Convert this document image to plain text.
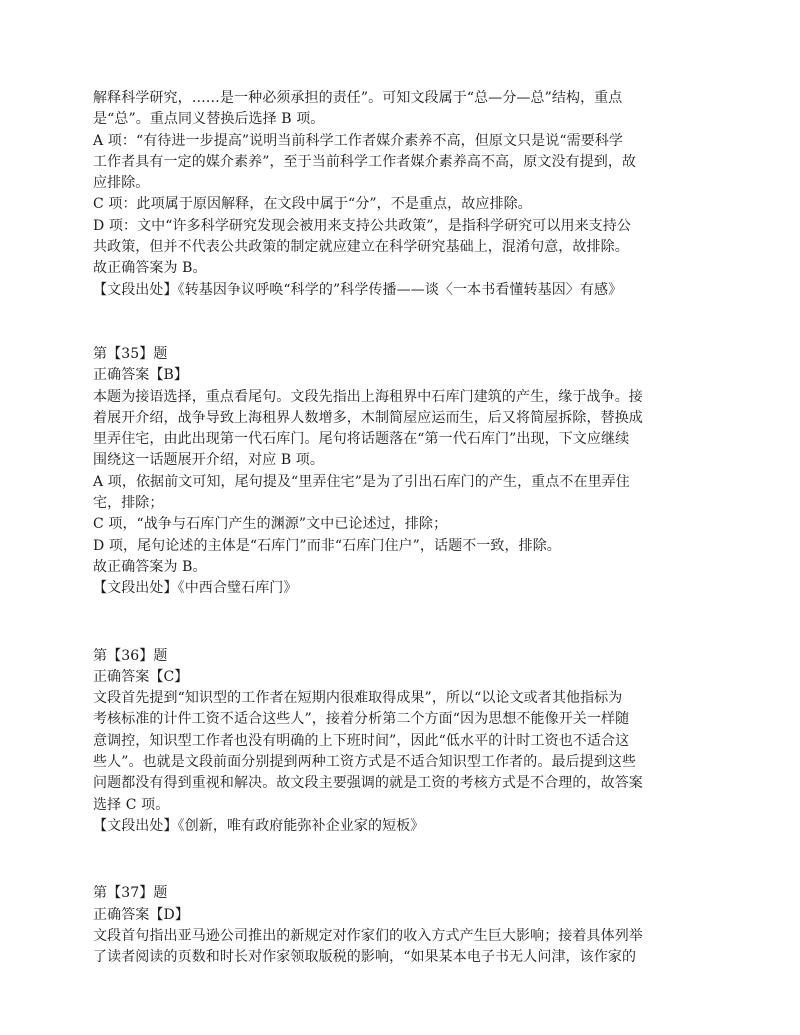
解释科学研究，……是一种必须承担的责任”。可知文段属于“总—分—总”结构，重点
是“总”。重点同义替换后选择 B 项。
A 项：“有待进一步提高”说明当前科学工作者媒介素养不高，但原文只是说“需要科学
工作者具有一定的媒介素养”，至于当前科学工作者媒介素养高不高，原文没有提到，故
应排除。
C 项：此项属于原因解释，在文段中属于“分”，不是重点，故应排除。
D 项：文中“许多科学研究发现会被用来支持公共政策”，是指科学研究可以用来支持公
共政策，但并不代表公共政策的制定就应建立在科学研究基础上，混淆句意，故排除。
故正确答案为 B。
【文段出处】《转基因争议呼唤“科学的”科学传播——谈〈一本书看懂转基因〉有感》
第【35】题
正确答案【B】
本题为接语选择，重点看尾句。文段先指出上海租界中石库门建筑的产生，缘于战争。接
着展开介绍，战争导致上海租界人数增多，木制简屋应运而生，后又将简屋拆除，替换成
里弄住宅，由此出现第一代石库门。尾句将话题落在“第一代石库门”出现，下文应继续
围绕这一话题展开介绍，对应 B 项。
A 项，依据前文可知，尾句提及“里弄住宅”是为了引出石库门的产生，重点不在里弄住
宅，排除；
C 项，“战争与石库门产生的渊源”文中已论述过，排除；
D 项，尾句论述的主体是“石库门”而非“石库门住户”，话题不一致，排除。
故正确答案为 B。
【文段出处】《中西合璧石库门》
第【36】题
正确答案【C】
文段首先提到“知识型的工作者在短期内很难取得成果”，所以“以论文或者其他指标为
考核标准的计件工资不适合这些人”，接着分析第二个方面“因为思想不能像开关一样随
意调控，知识型工作者也没有明确的上下班时间”，因此“低水平的计时工资也不适合这
些人”。也就是文段前面分别提到两种工资方式是不适合知识型工作者的。最后提到这些
问题都没有得到重视和解决。故文段主要强调的就是工资的考核方式是不合理的，故答案
选择 C 项。
【文段出处】《创新，唯有政府能弥补企业家的短板》
第【37】题
正确答案【D】
文段首句指出亚马逊公司推出的新规定对作家们的收入方式产生巨大影响；接着具体列举
了读者阅读的页数和时长对作家领取版税的影响，“如果某本电子书无人问津，该作家的
